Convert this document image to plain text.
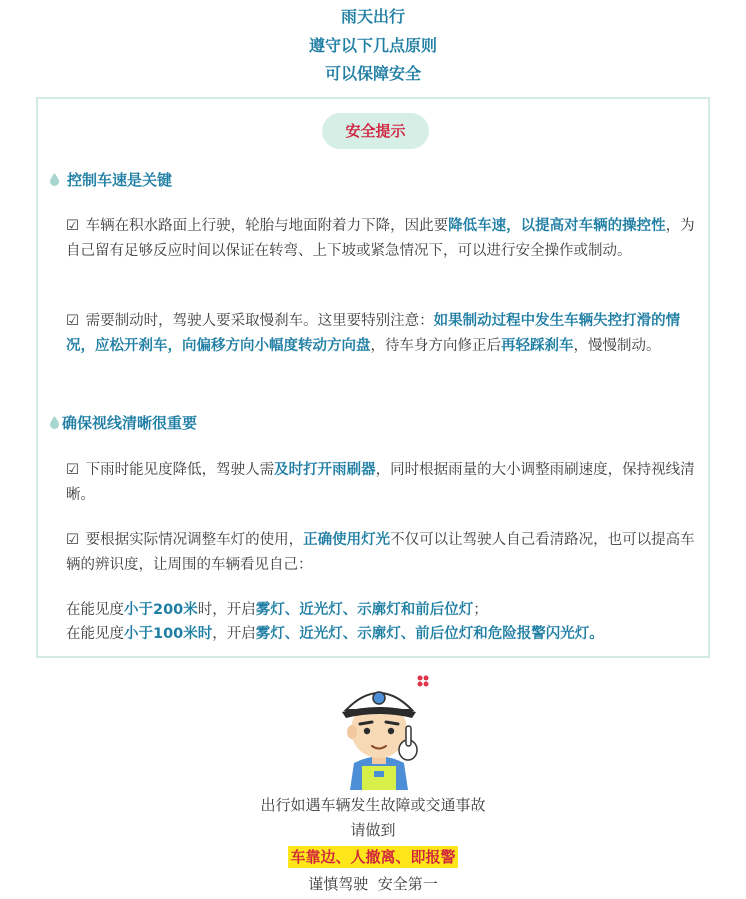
雨天出行
遵守以下几点原则
可以保障安全
安全提示
控制车速是关键
☑ 车辆在积水路面上行驶，轮胎与地面附着力下降，因此要降低车速，以提高对车辆的操控性，为自己留有足够反应时间以保证在转弯、上下坡或紧急情况下，可以进行安全操作或制动。
☑ 需要制动时，驾驶人要采取慢刹车。这里要特别注意：如果制动过程中发生车辆失控打滑的情况，应松开刹车，向偏移方向小幅度转动方向盘，待车身方向修正后再轻踩刹车，慢慢制动。
确保视线清晰很重要
☑ 下雨时能见度降低，驾驶人需及时打开雨刷器，同时根据雨量的大小调整雨刷速度，保持视线清晰。
☑ 要根据实际情况调整车灯的使用，正确使用灯光不仅可以让驾驶人自己看清路况，也可以提高车辆的辨识度，让周围的车辆看见自己：
在能见度小于200米时，开启雾灯、近光灯、示廓灯和前后位灯；
在能见度小于100米时，开启雾灯、近光灯、示廓灯、前后位灯和危险报警闪光灯。
出行如遇车辆发生故障或交通事故
请做到
车靠边、人撤离、即报警
谨慎驾驶  安全第一
